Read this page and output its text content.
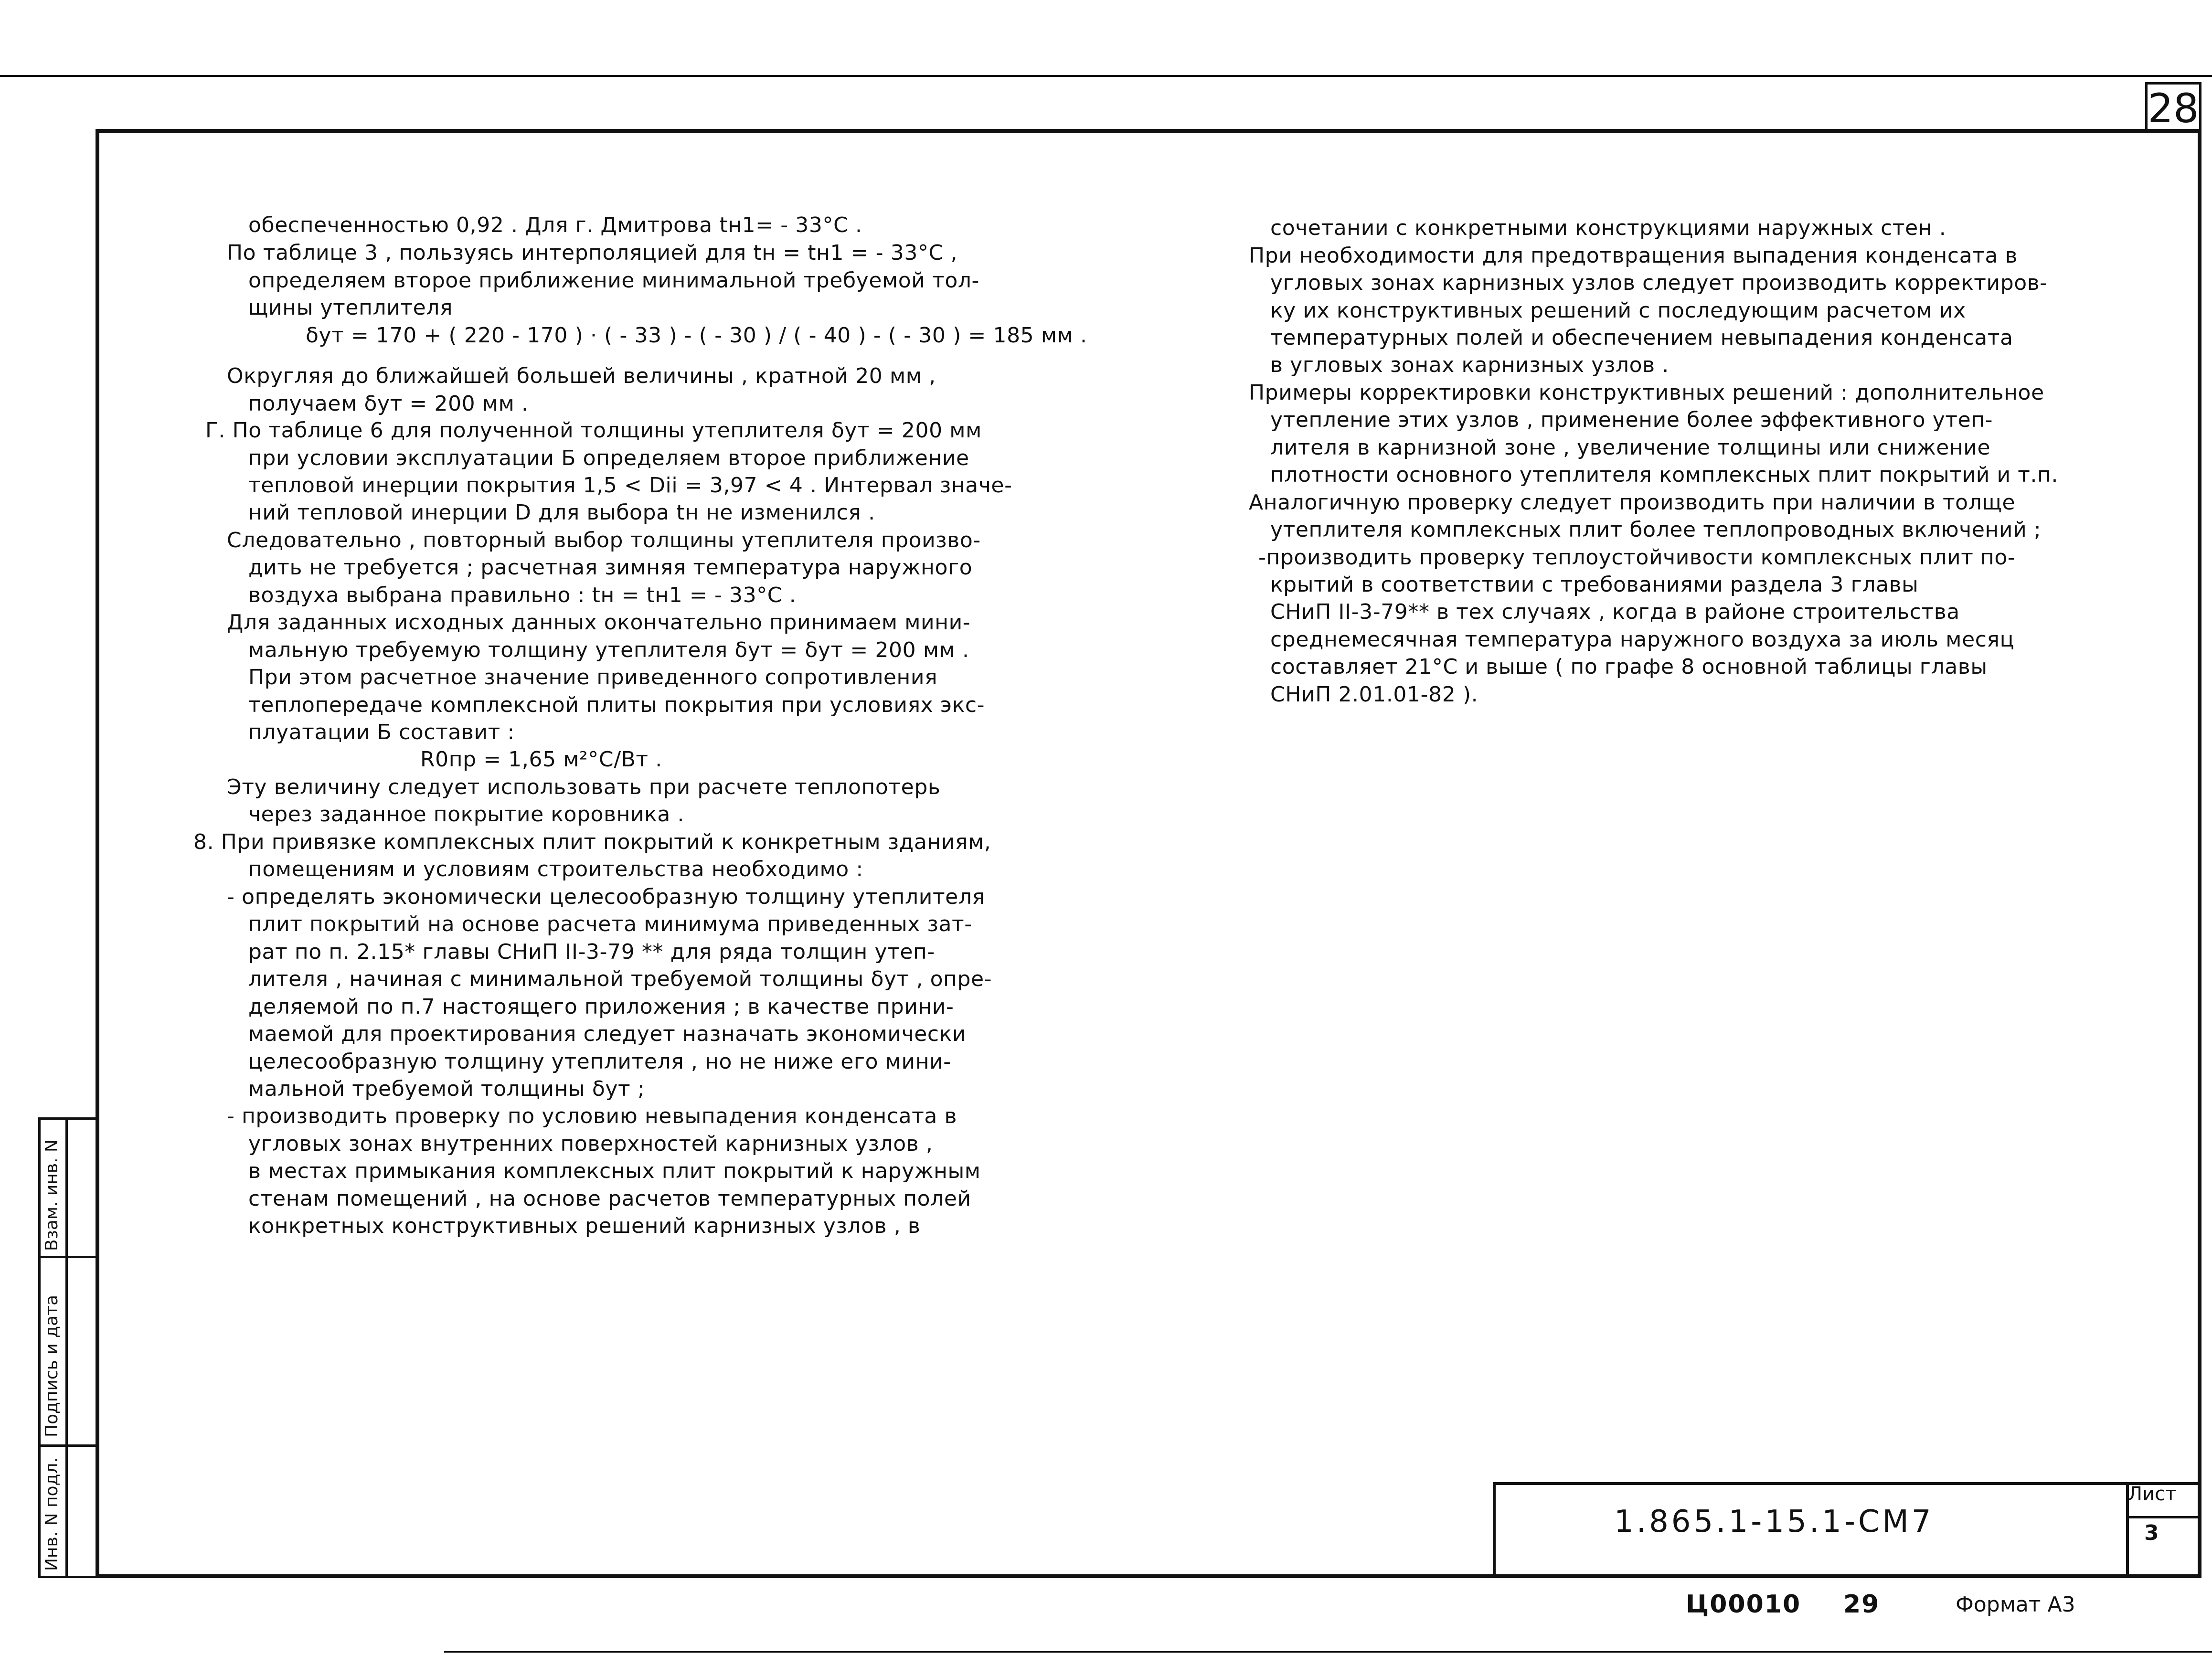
28
Инв. N подл.
Подпись и дата
Взам. инв. N
обеспеченностью 0,92 . Для г. Дмитрова tн1= - 33°C .
По таблице 3 , пользуясь интерполяцией для tн = tн1 = - 33°C ,
определяем второе приближение минимальной требуемой тол-
щины утеплителя
δут = 170 + ( 220 - 170 ) · ( - 33 ) - ( - 30 ) / ( - 40 ) - ( - 30 ) = 185 мм .
Округляя до ближайшей большей величины , кратной 20 мм ,
получаем δут = 200 мм .
Г. По таблице 6 для полученной толщины утеплителя δут = 200 мм
при условии эксплуатации Б определяем второе приближение
тепловой инерции покрытия 1,5 < Dii = 3,97 < 4 . Интервал значе-
ний тепловой инерции D для выбора tн не изменился .
Следовательно , повторный выбор толщины утеплителя произво-
дить не требуется ; расчетная зимняя температура наружного
воздуха выбрана правильно : tн = tн1 = - 33°C .
Для заданных исходных данных окончательно принимаем мини-
мальную требуемую толщину утеплителя δут = δут = 200 мм .
При этом расчетное значение приведенного сопротивления
теплопередаче комплексной плиты покрытия при условиях экс-
плуатации Б составит :
R0пр = 1,65 м²°C/Вт .
Эту величину следует использовать при расчете теплопотерь
через заданное покрытие коровника .
8. При привязке комплексных плит покрытий к конкретным зданиям,
помещениям и условиям строительства необходимо :
- определять экономически целесообразную толщину утеплителя
плит покрытий на основе расчета минимума приведенных зат-
рат по п. 2.15* главы СНиП II-3-79 ** для ряда толщин утеп-
лителя , начиная с минимальной требуемой толщины δут , опре-
деляемой по п.7 настоящего приложения ; в качестве прини-
маемой для проектирования следует назначать экономически
целесообразную толщину утеплителя , но не ниже его мини-
мальной требуемой толщины δут ;
- производить проверку по условию невыпадения конденсата в
угловых зонах внутренних поверхностей карнизных узлов ,
в местах примыкания комплексных плит покрытий к наружным
стенам помещений , на основе расчетов температурных полей
конкретных конструктивных решений карнизных узлов , в
сочетании с конкретными конструкциями наружных стен .
При необходимости для предотвращения выпадения конденсата в
угловых зонах карнизных узлов следует производить корректиров-
ку их конструктивных решений с последующим расчетом их
температурных полей и обеспечением невыпадения конденсата
в угловых зонах карнизных узлов .
Примеры корректировки конструктивных решений : дополнительное
утепление этих узлов , применение более эффективного утеп-
лителя в карнизной зоне , увеличение толщины или снижение
плотности основного утеплителя комплексных плит покрытий и т.п.
Аналогичную проверку следует производить при наличии в толще
утеплителя комплексных плит более теплопроводных включений ;
-производить проверку теплоустойчивости комплексных плит по-
крытий в соответствии с требованиями раздела 3 главы
СНиП II-3-79** в тех случаях , когда в районе строительства
среднемесячная температура наружного воздуха за июль месяц
составляет 21°C и выше ( по графе 8 основной таблицы главы
СНиП 2.01.01-82 ).
1.865.1-15.1-СМ7
Лист
3
Ц00010 29	Формат А3
